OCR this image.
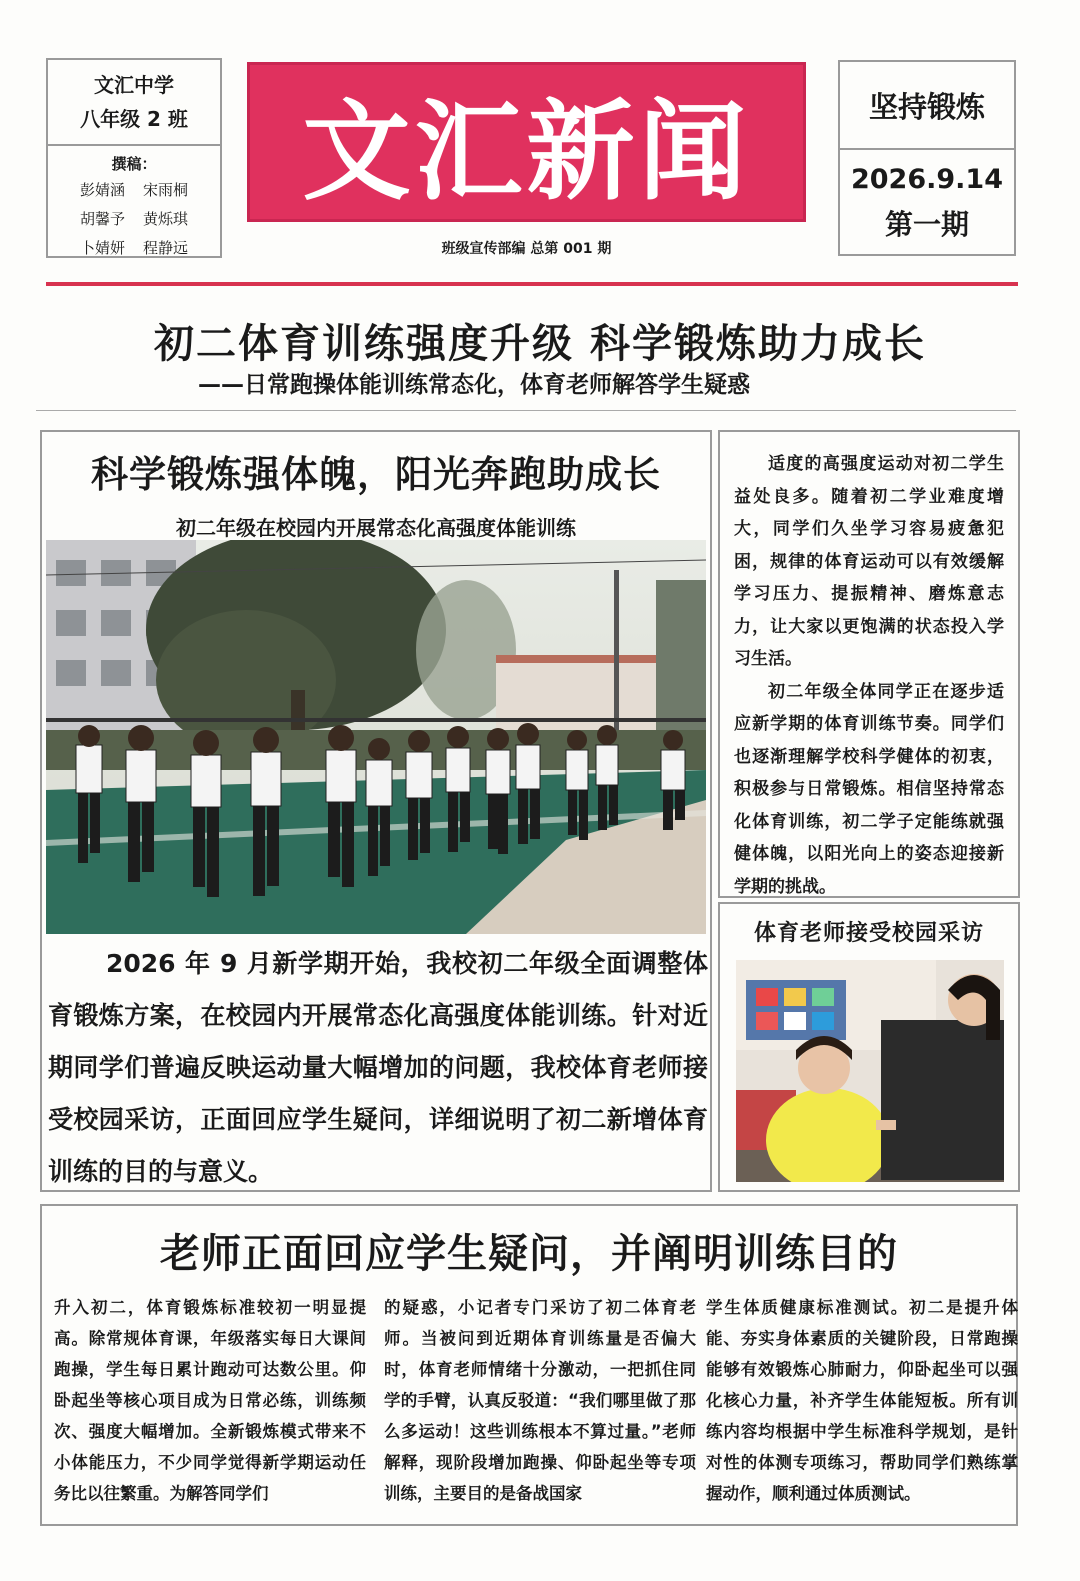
文汇中学
八年级 2 班
撰稿：
彭婧涵 宋雨桐
胡馨予 黄烁琪
卜婧妍 程静远
文汇新闻
班级宣传部编 总第 001 期
坚持锻炼
2026.9.14
第一期
初二体育训练强度升级 科学锻炼助力成长
——日常跑操体能训练常态化，体育老师解答学生疑惑
科学锻炼强体魄，阳光奔跑助成长
初二年级在校园内开展常态化高强度体能训练
2026 年 9 月新学期开始，我校初二年级全面调整体育锻炼方案，在校园内开展常态化高强度体能训练。针对近期同学们普遍反映运动量大幅增加的问题，我校体育老师接受校园采访，正面回应学生疑问，详细说明了初二新增体育训练的目的与意义。

适度的高强度运动对初二学生益处良多。随着初二学业难度增大，同学们久坐学习容易疲惫犯困，规律的体育运动可以有效缓解学习压力、提振精神、磨炼意志力，让大家以更饱满的状态投入学习生活。

初二年级全体同学正在逐步适应新学期的体育训练节奏。同学们也逐渐理解学校科学健体的初衷，积极参与日常锻炼。相信坚持常态化体育训练，初二学子定能练就强健体魄，以阳光向上的姿态迎接新学期的挑战。

体育老师接受校园采访
老师正面回应学生疑问，并阐明训练目的
升入初二，体育锻炼标准较初一明显提高。除常规体育课，年级落实每日大课间跑操，学生每日累计跑动可达数公里。仰卧起坐等核心项目成为日常必练，训练频次、强度大幅增加。全新锻炼模式带来不小体能压力，不少同学觉得新学期运动任务比以往繁重。为解答同学们
的疑惑，小记者专门采访了初二体育老师。当被问到近期体育训练量是否偏大时，体育老师情绪十分激动，一把抓住同学的手臂，认真反驳道：“我们哪里做了那么多运动！这些训练根本不算过量。”老师解释，现阶段增加跑操、仰卧起坐等专项训练，主要目的是备战国家
学生体质健康标准测试。初二是提升体能、夯实身体素质的关键阶段，日常跑操能够有效锻炼心肺耐力，仰卧起坐可以强化核心力量，补齐学生体能短板。所有训练内容均根据中学生标准科学规划，是针对性的体测专项练习，帮助同学们熟练掌握动作，顺利通过体质测试。
